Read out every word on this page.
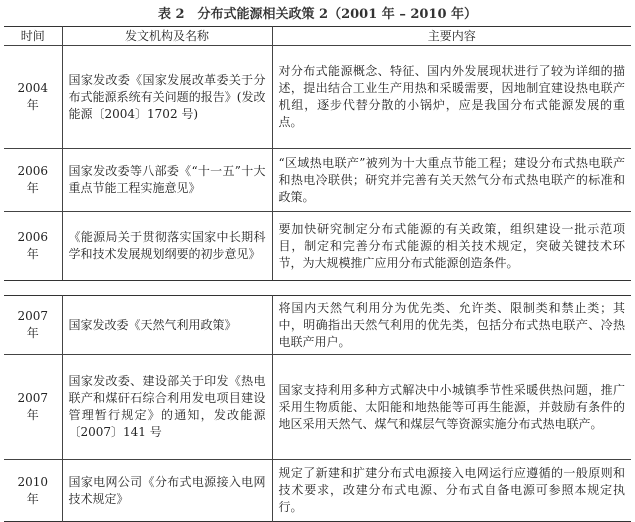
表 2　分布式能源相关政策 2（2001 年 – 2010 年）
时间	发文机构及名称	主要内容
2004 年	国家发改委《国家发展改革委关于分布式能源系统有关问题的报告》(发改能源〔2004〕1702 号)	对分布式能源概念、特征、国内外发展现状进行了较为详细的描述，提出结合工业生产用热和采暖需要，因地制宜建设热电联产机组，逐步代替分散的小锅炉，应是我国分布式能源发展的重点。
2006 年	国家发改委等八部委《“十一五”十大重点节能工程实施意见》	“区域热电联产”被列为十大重点节能工程；建设分布式热电联产和热电冷联供；研究并完善有关天然气分布式热电联产的标准和政策。
2006 年	《能源局关于贯彻落实国家中长期科学和技术发展规划纲要的初步意见》	要加快研究制定分布式能源的有关政策，组织建设一批示范项目，制定和完善分布式能源的相关技术规定，突破关键技术环节，为大规模推广应用分布式能源创造条件。
2007 年	国家发改委《天然气利用政策》	将国内天然气利用分为优先类、允许类、限制类和禁止类；其中，明确指出天然气利用的优先类，包括分布式热电联产、冷热电联产用户。
2007 年	国家发改委、建设部关于印发《热电联产和煤矸石综合利用发电项目建设管理暂行规定》的通知，发改能源〔2007〕141 号	国家支持利用多种方式解决中小城镇季节性采暖供热问题，推广采用生物质能、太阳能和地热能等可再生能源，并鼓励有条件的地区采用天然气、煤气和煤层气等资源实施分布式热电联产。
2010 年	国家电网公司《分布式电源接入电网技术规定》	规定了新建和扩建分布式电源接入电网运行应遵循的一般原则和技术要求，改建分布式电源、分布式自备电源可参照本规定执行。
